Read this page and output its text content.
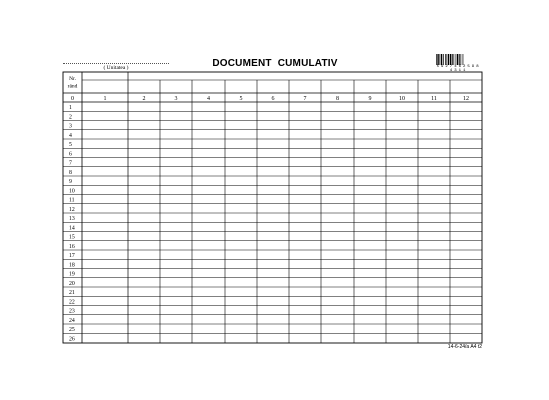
( Unitatea )	DOCUMENT  CUMULATIV	5 9 2 7 4 6 2 5 9 8 4 3 1 1
Nr.
rând
0	1	2	3	4	5	6	7	8	9	10	11	12
1
2
3
4
5
6
7
8
9
10
11
12
13
14
15
16
17
18
19
20
21
22
23
24
25
26
14-6-24/a A4 t2
